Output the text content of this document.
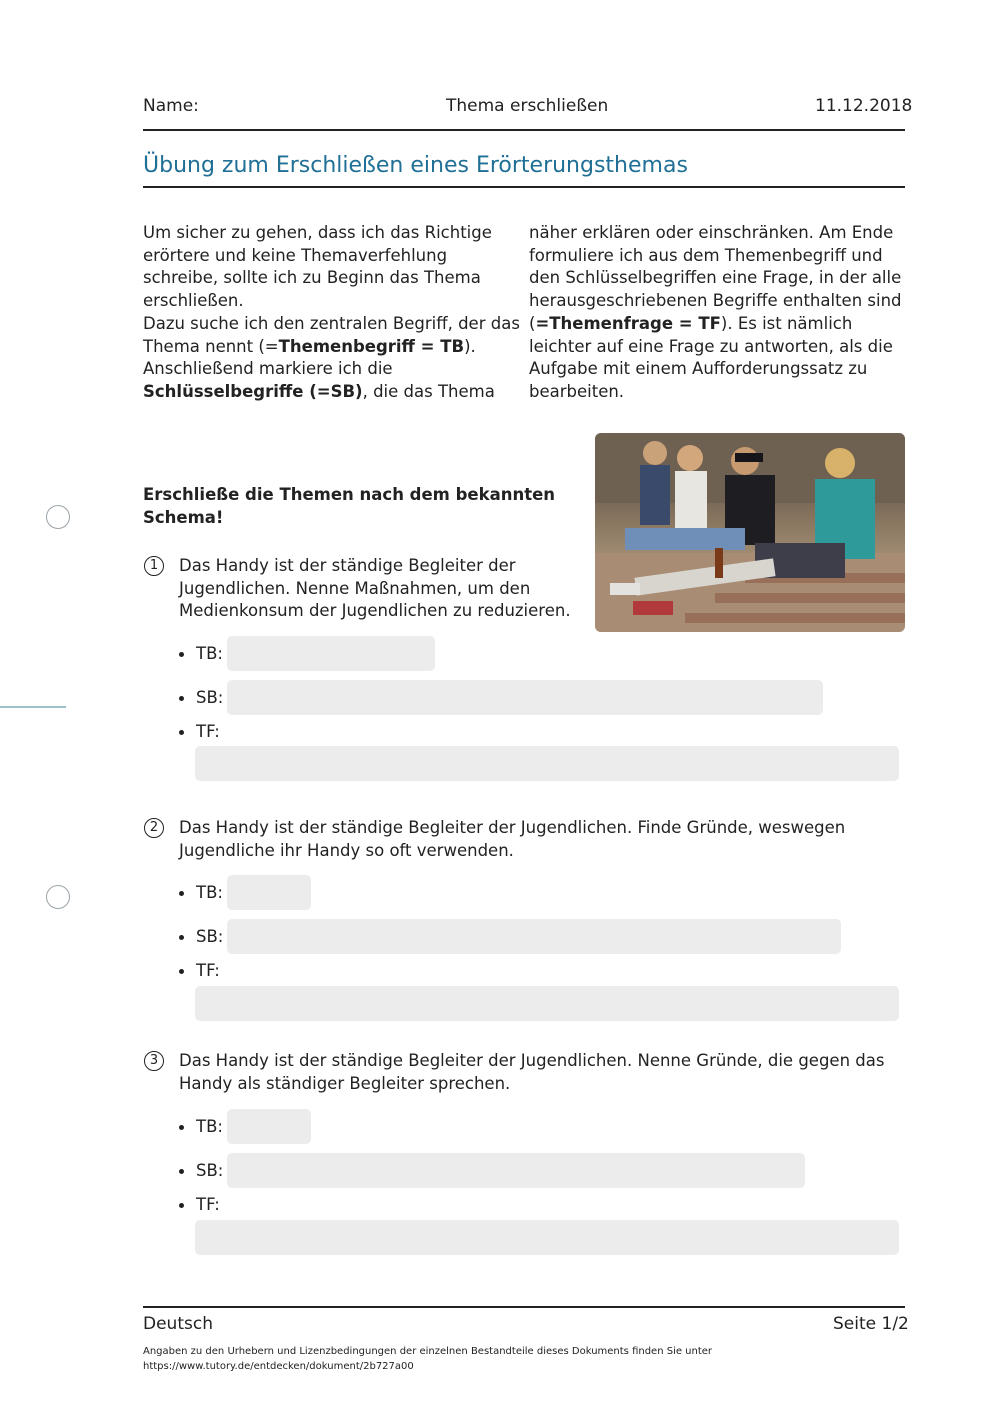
Name:	Thema erschließen	11.12.2018
Übung zum Erschließen eines Erörterungsthemas

Um sicher zu gehen, dass ich das Richtige erörtere und keine Themaverfehlung schreibe, sollte ich zu Beginn das Thema erschließen.

Dazu suche ich den zentralen Begriff, der das Thema nennt (=Themenbegriff = TB). Anschließend markiere ich die Schlüsselbegriffe (=SB), die das Thema

näher erklären oder einschränken. Am Ende formuliere ich aus dem Themenbegriff und den Schlüsselbegriffen eine Frage, in der alle herausgeschriebenen Begriffe enthalten sind (=Themenfrage = TF). Es ist nämlich leichter auf eine Frage zu antworten, als die Aufgabe mit einem Aufforderungssatz zu bearbeiten.

Erschließe die Themen nach dem bekannten Schema!
1	Das Handy ist der ständige Begleiter der Jugendlichen. Nenne Maßnahmen, um den Medienkonsum der Jugendlichen zu reduzieren.
TB:
SB:
TF:
2	Das Handy ist der ständige Begleiter der Jugendlichen. Finde Gründe, weswegen Jugendliche ihr Handy so oft verwenden.
TB:
SB:
TF:
3	Das Handy ist der ständige Begleiter der Jugendlichen. Nenne Gründe, die gegen das Handy als ständiger Begleiter sprechen.
TB:
SB:
TF:
Deutsch	Seite 1/2
Angaben zu den Urhebern und Lizenzbedingungen der einzelnen Bestandteile dieses Dokuments finden Sie unter
https://www.tutory.de/entdecken/dokument/2b727a00
